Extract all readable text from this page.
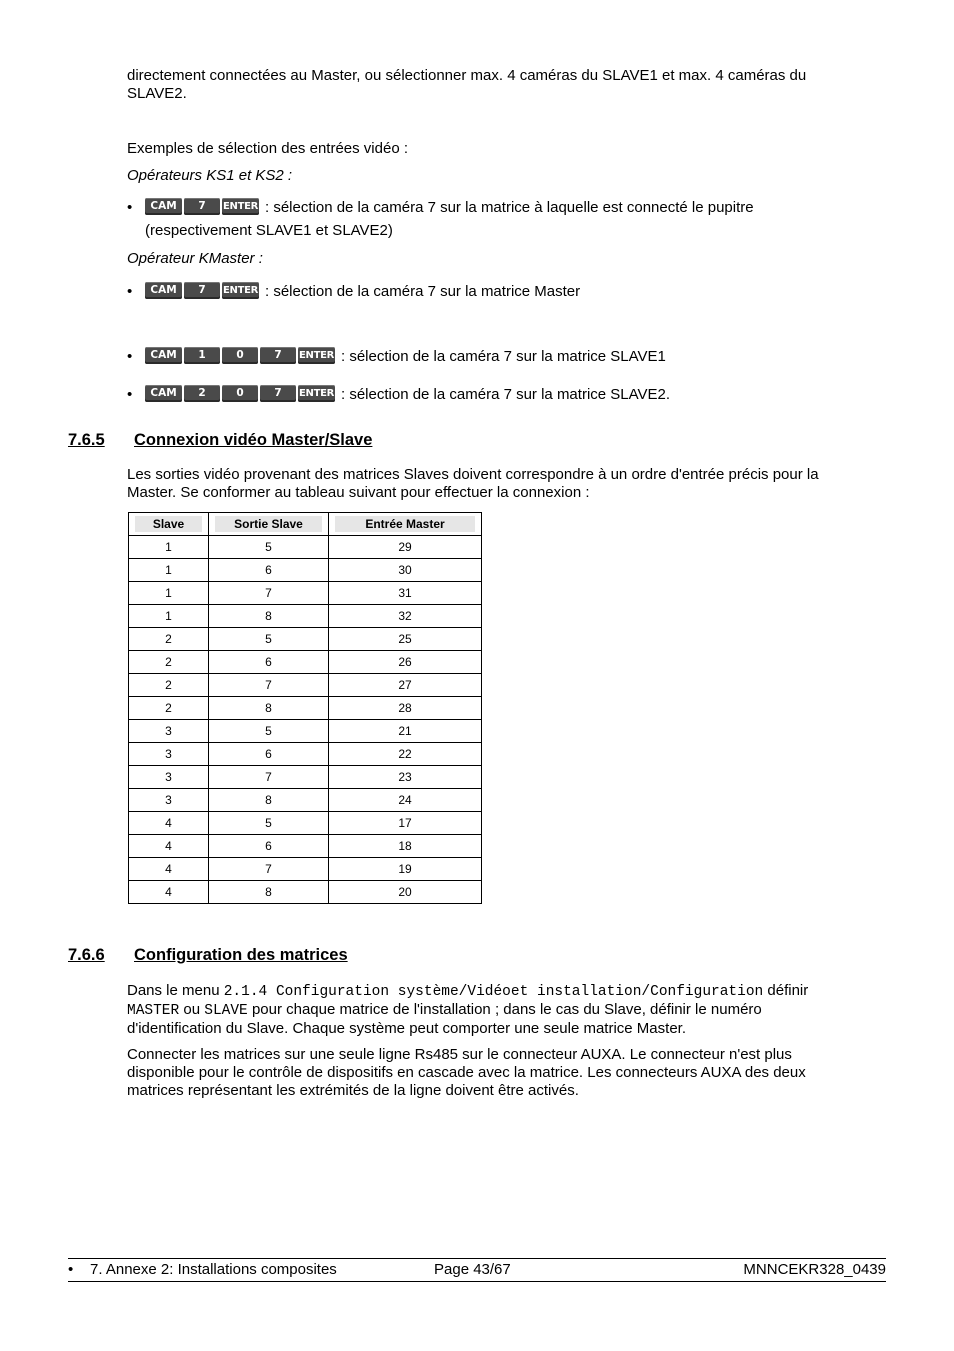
directement connectées au Master, ou sélectionner max. 4 caméras du SLAVE1 et max. 4 caméras du
SLAVE2.
Exemples de sélection des entrées vidéo :
Opérateurs KS1 et KS2 :
•	CAM	7	ENTER : sélection de la caméra 7 sur la matrice à laquelle est connecté le pupitre
(respectivement SLAVE1 et SLAVE2)
Opérateur KMaster :
•	CAM	7	ENTER : sélection de la caméra 7 sur la matrice Master
•	CAM	1	0	7	ENTER : sélection de la caméra 7 sur la matrice SLAVE1
•	CAM	2	0	7	ENTER : sélection de la caméra 7 sur la matrice SLAVE2.
7.6.5	Connexion vidéo Master/Slave
Les sorties vidéo provenant des matrices Slaves doivent correspondre à un ordre d'entrée précis pour la
Master. Se conformer au tableau suivant pour effectuer la connexion :
Slave	Sortie Slave	Entrée Master

1	5	29
1	6	30
1	7	31
1	8	32
2	5	25
2	6	26
2	7	27
2	8	28
3	5	21
3	6	22
3	7	23
3	8	24
4	5	17
4	6	18
4	7	19
4	8	20
7.6.6	Configuration des matrices
Dans le menu 2.1.4 Configuration système/Vidéoet installation/Configuration définir
MASTER ou SLAVE pour chaque matrice de l'installation ; dans le cas du Slave, définir le numéro
d'identification du Slave. Chaque système peut comporter une seule matrice Master.
Connecter les matrices sur une seule ligne Rs485 sur le connecteur AUXA. Le connecteur n'est plus
disponible pour le contrôle de dispositifs en cascade avec la matrice. Les connecteurs AUXA des deux
matrices représentant les extrémités de la ligne doivent être activés.
• 7. Annexe 2: Installations composites	Page 43/67	MNNCEKR328_0439
